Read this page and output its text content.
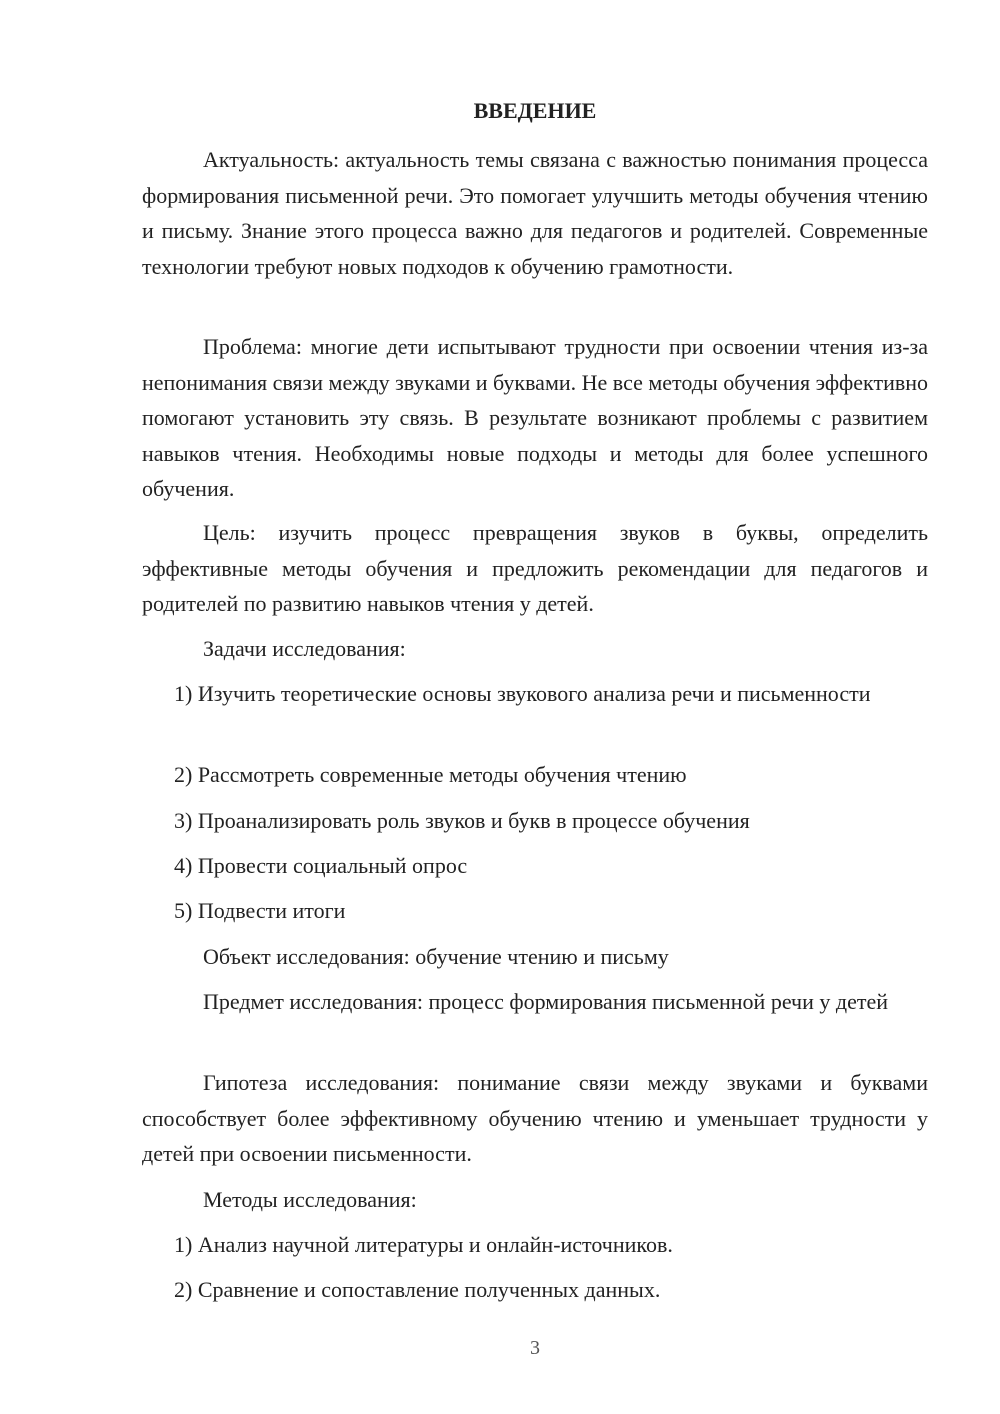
ВВЕДЕНИЕ

Актуальность: актуальность темы связана с важностью понимания процесса формирования письменной речи. Это помогает улучшить методы обучения чтению и письму. Знание этого процесса важно для педагогов и родителей. Современные технологии требуют новых подходов к обучению грамотности.

Проблема: многие дети испытывают трудности при освоении чтения из-за непонимания связи между звуками и буквами. Не все методы обучения эффективно помогают установить эту связь. В результате возникают проблемы с развитием навыков чтения. Необходимы новые подходы и методы для более успешного обучения.

Цель: изучить процесс превращения звуков в буквы, определить эффективные методы обучения и предложить рекомендации для педагогов и родителей по развитию навыков чтения у детей.

Задачи исследования:

1) Изучить теоретические основы звукового анализа речи и письменности

2) Рассмотреть современные методы обучения чтению

3) Проанализировать роль звуков и букв в процессе обучения

4) Провести социальный опрос

5) Подвести итоги

Объект исследования: обучение чтению и письму

Предмет исследования: процесс формирования письменной речи у детей

Гипотеза исследования: понимание связи между звуками и буквами способствует более эффективному обучению чтению и уменьшает трудности у детей при освоении письменности.

Методы исследования:

1) Анализ научной литературы и онлайн-источников.

2) Сравнение и сопоставление полученных данных.

3
